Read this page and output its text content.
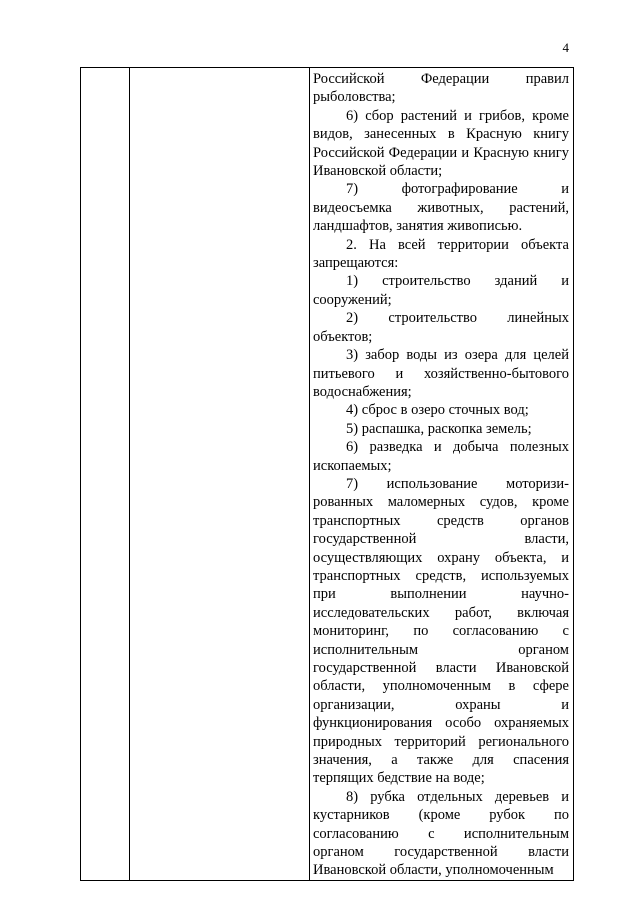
4

Российской Федерации правил рыболовства;

6) сбор растений и грибов, кроме видов, занесенных в Красную книгу Российской Федерации и Красную книгу Ивановской области;

7) фотографирование и видеосъемка животных, растений, ландшафтов, занятия живописью.

2. На всей территории объекта запрещаются:

1) строительство зданий и сооружений;

2) строительство линейных объектов;

3) забор воды из озера для целей питьевого и хозяйственно-бытового водоснабжения;

4) сброс в озеро сточных вод;

5) распашка, раскопка земель;

6) разведка и добыча полезных ископаемых;

7) использование моторизи-рованных маломерных судов, кроме транспортных средств органов государственной власти, осуществляющих охрану объекта, и транспортных средств, используемых при выполнении научно-исследовательских работ, включая мониторинг, по согласованию с исполнительным органом государственной власти Ивановской области, уполномоченным в сфере организации, охраны и функционирования особо охраняемых природных территорий регионального значения, а также для спасения терпящих бедствие на воде;

8) рубка отдельных деревьев и кустарников (кроме рубок по согласованию с исполнительным органом государственной власти Ивановской области, уполномоченным
